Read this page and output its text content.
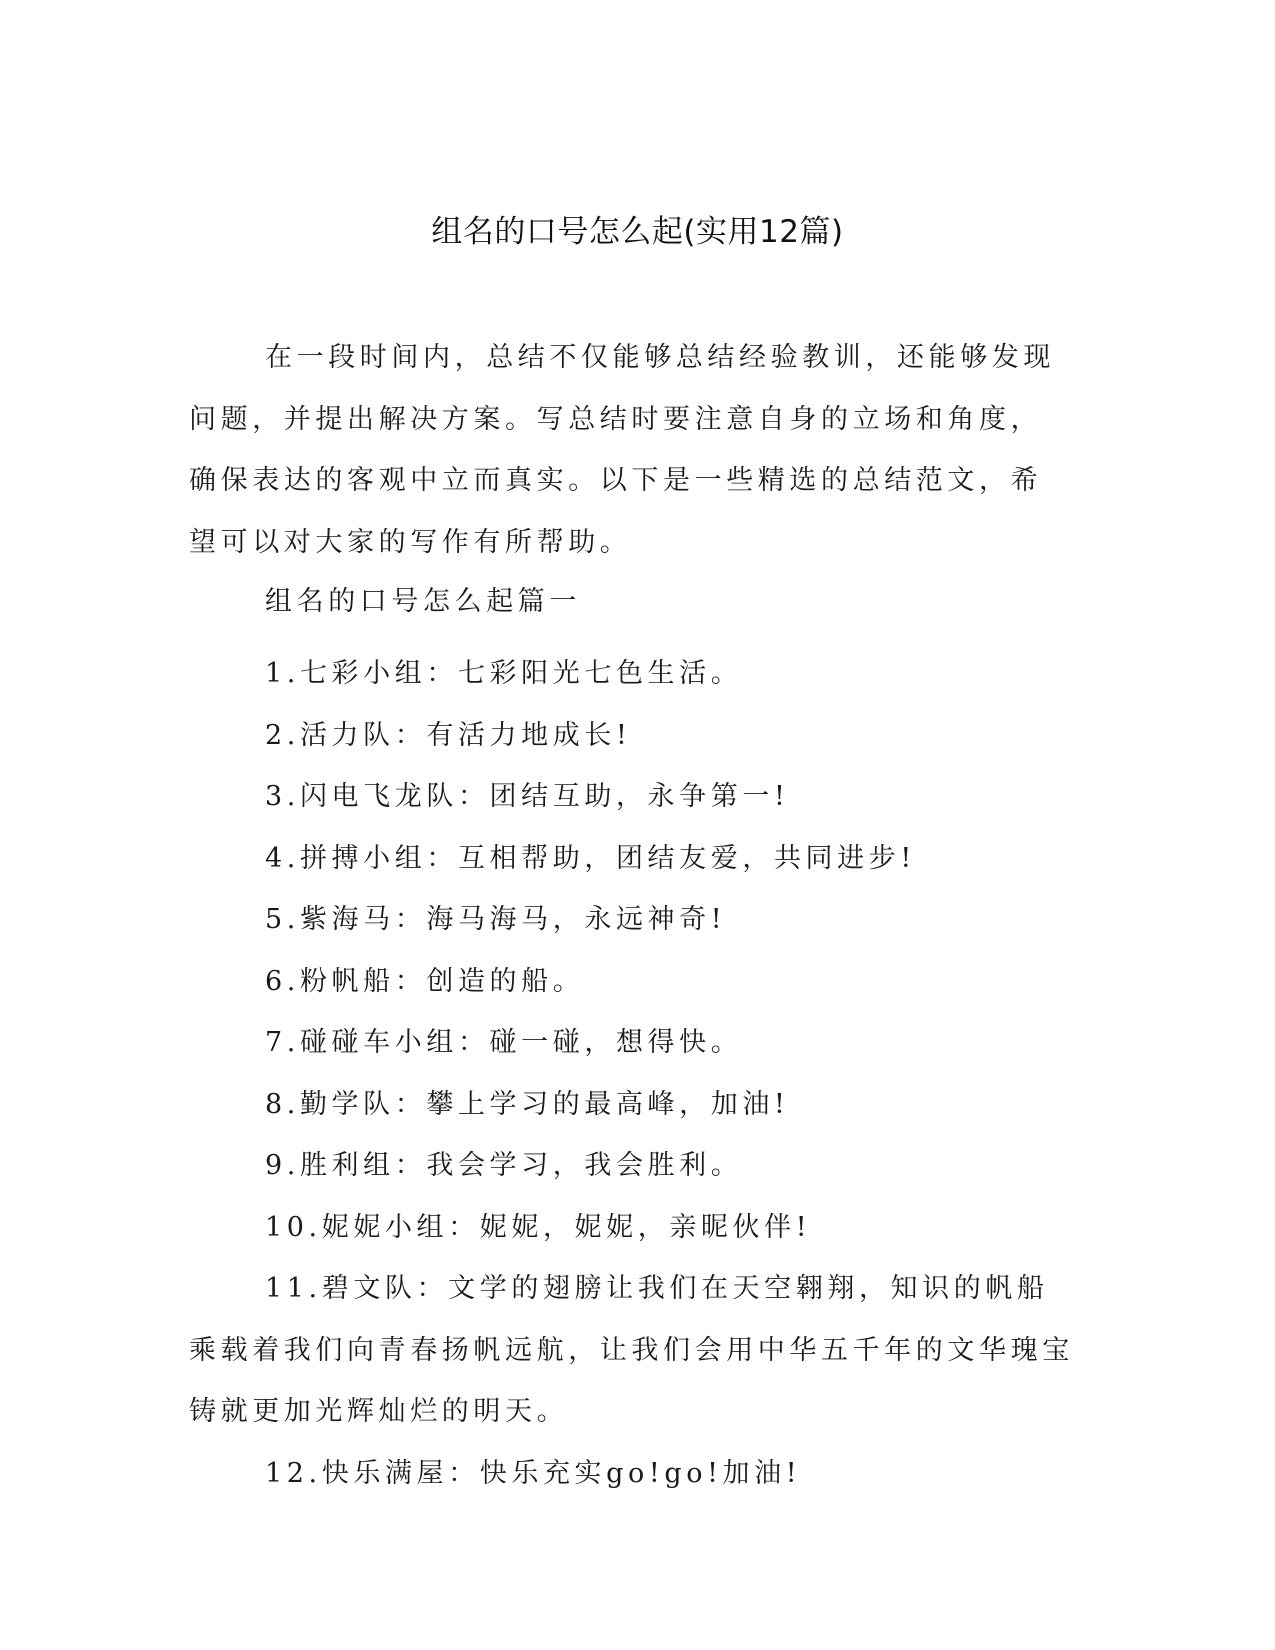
组名的口号怎么起(实用12篇)

在一段时间内，总结不仅能够总结经验教训，还能够发现问题，并提出解决方案。写总结时要注意自身的立场和角度，确保表达的客观中立而真实。以下是一些精选的总结范文，希望可以对大家的写作有所帮助。

组名的口号怎么起篇一
1.七彩小组：七彩阳光七色生活。
2.活力队：有活力地成长!
3.闪电飞龙队：团结互助，永争第一!
4.拼搏小组：互相帮助，团结友爱，共同进步!
5.紫海马：海马海马，永远神奇!
6.粉帆船：创造的船。
7.碰碰车小组：碰一碰，想得快。
8.勤学队：攀上学习的最高峰，加油!
9.胜利组：我会学习，我会胜利。
10.妮妮小组：妮妮，妮妮，亲昵伙伴!
11.碧文队：文学的翅膀让我们在天空翱翔，知识的帆船乘载着我们向青春扬帆远航，让我们会用中华五千年的文华瑰宝铸就更加光辉灿烂的明天。
12.快乐满屋：快乐充实go!go!加油!
